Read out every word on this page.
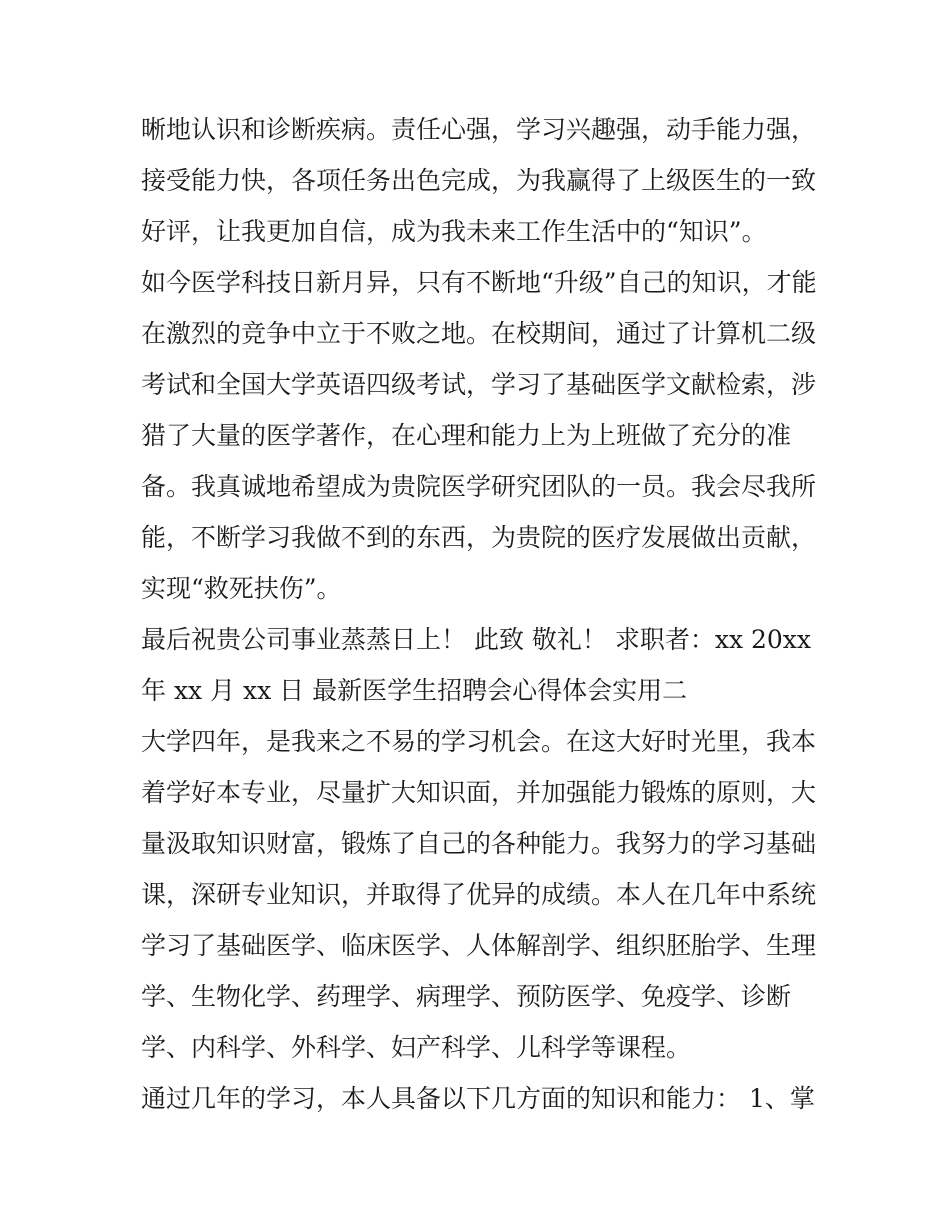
晰地认识和诊断疾病。责任心强，学习兴趣强，动手能力强，
接受能力快，各项任务出色完成，为我赢得了上级医生的一致
好评，让我更加自信，成为我未来工作生活中的“知识”。
如今医学科技日新月异，只有不断地“升级”自己的知识，才能
在激烈的竞争中立于不败之地。在校期间，通过了计算机二级
考试和全国大学英语四级考试，学习了基础医学文献检索，涉
猎了大量的医学著作，在心理和能力上为上班做了充分的准
备。我真诚地希望成为贵院医学研究团队的一员。我会尽我所
能，不断学习我做不到的东西，为贵院的医疗发展做出贡献，
实现“救死扶伤”。
最后祝贵公司事业蒸蒸日上！ 此致 敬礼！ 求职者：xx 20xx
年 xx 月 xx 日 最新医学生招聘会心得体会实用二
大学四年，是我来之不易的学习机会。在这大好时光里，我本
着学好本专业，尽量扩大知识面，并加强能力锻炼的原则，大
量汲取知识财富，锻炼了自己的各种能力。我努力的学习基础
课，深研专业知识，并取得了优异的成绩。本人在几年中系统
学习了基础医学、临床医学、人体解剖学、组织胚胎学、生理
学、生物化学、药理学、病理学、预防医学、免疫学、诊断
学、内科学、外科学、妇产科学、儿科学等课程。
通过几年的学习，本人具备以下几方面的知识和能力： 1、掌
